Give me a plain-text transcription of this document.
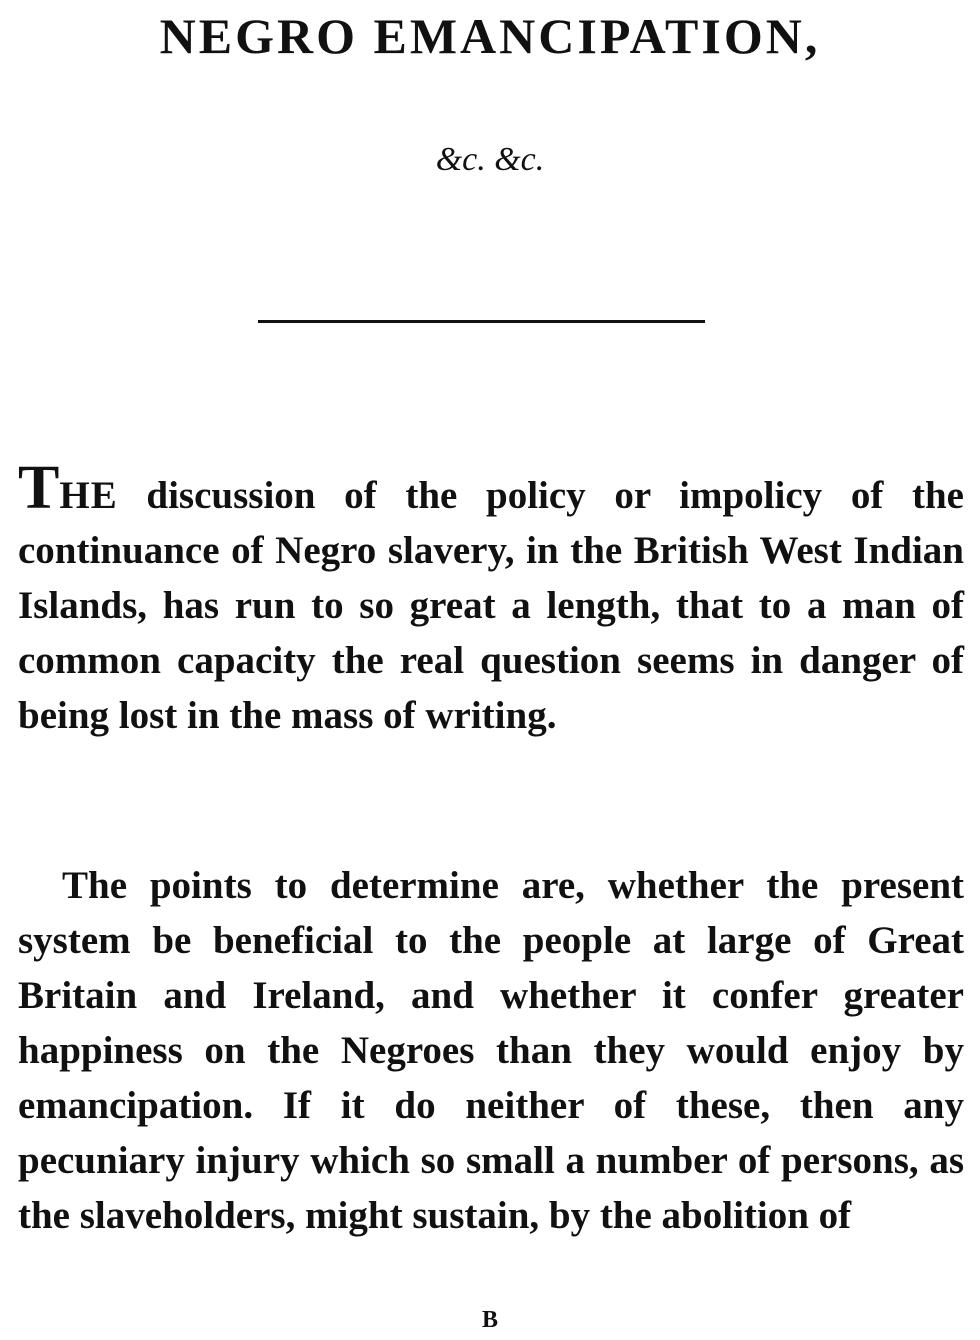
NEGRO EMANCIPATION,
&c. &c.

THE discussion of the policy or impolicy of the continuance of Negro slavery, in the British West Indian Islands, has run to so great a length, that to a man of common capacity the real question seems in danger of being lost in the mass of writing.

The points to determine are, whether the present system be beneficial to the people at large of Great Britain and Ireland, and whether it confer greater happiness on the Negroes than they would enjoy by emancipation. If it do neither of these, then any pecuniary injury which so small a number of persons, as the slaveholders, might sustain, by the abolition of

B
